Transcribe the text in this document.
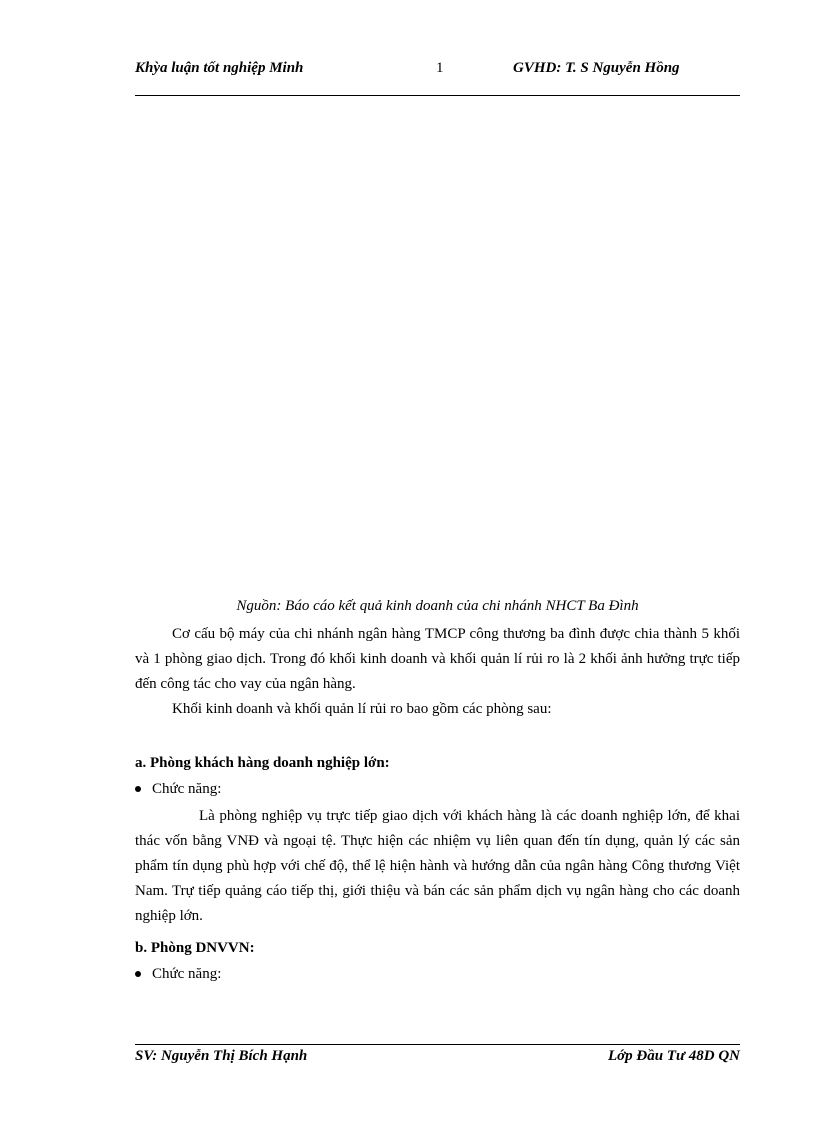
Khỳa luận tốt nghiệp Minh	1	GVHD: T. S Nguyễn Hồng
Nguồn: Báo cáo kết quả kinh doanh của chi nhánh NHCT Ba Đình

Cơ cấu bộ máy của chi nhánh ngân hàng TMCP công thương ba đình được chia thành 5 khối và 1 phòng giao dịch. Trong đó khối kinh doanh và khối quản lí rủi ro là 2 khối ảnh hưởng trực tiếp đến công tác cho vay của ngân hàng.

Khối kinh doanh và khối quản lí rủi ro bao gồm các phòng sau:

a. Phòng khách hàng doanh nghiệp lớn:
Chức năng:

Là phòng nghiệp vụ trực tiếp giao dịch với khách hàng là các doanh nghiệp lớn, để khai thác vốn bằng VNĐ và ngoại tệ. Thực hiện các nhiệm vụ liên quan đến tín dụng, quản lý các sản phẩm tín dụng phù hợp với chế độ, thể lệ hiện hành và hướng dẫn của ngân hàng Công thương Việt Nam. Trự tiếp quảng cáo tiếp thị, giới thiệu và bán các sản phẩm dịch vụ ngân hàng cho các doanh nghiệp lớn.

b. Phòng DNVVN:
Chức năng:
SV: Nguyễn Thị Bích Hạnh	Lớp Đầu Tư 48D QN
